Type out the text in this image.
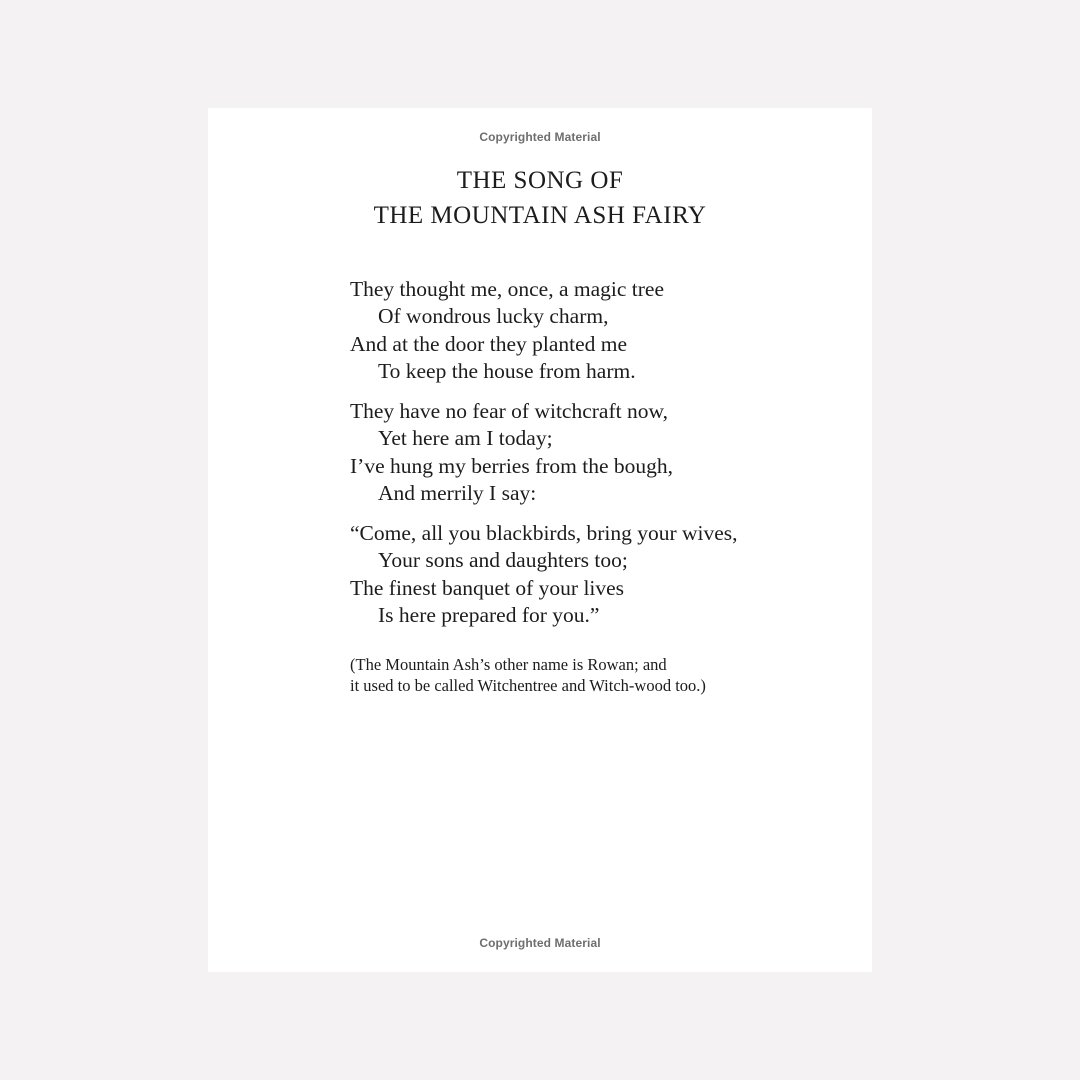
Copyrighted Material
THE SONG OF
THE MOUNTAIN ASH FAIRY
They thought me, once, a magic tree
Of wondrous lucky charm,
And at the door they planted me
To keep the house from harm.
They have no fear of witchcraft now,
Yet here am I today;
I’ve hung my berries from the bough,
And merrily I say:
“Come, all you blackbirds, bring your wives,
Your sons and daughters too;
The finest banquet of your lives
Is here prepared for you.”
(The Mountain Ash’s other name is Rowan; and
it used to be called Witchentree and Witch-wood too.)
Copyrighted Material
